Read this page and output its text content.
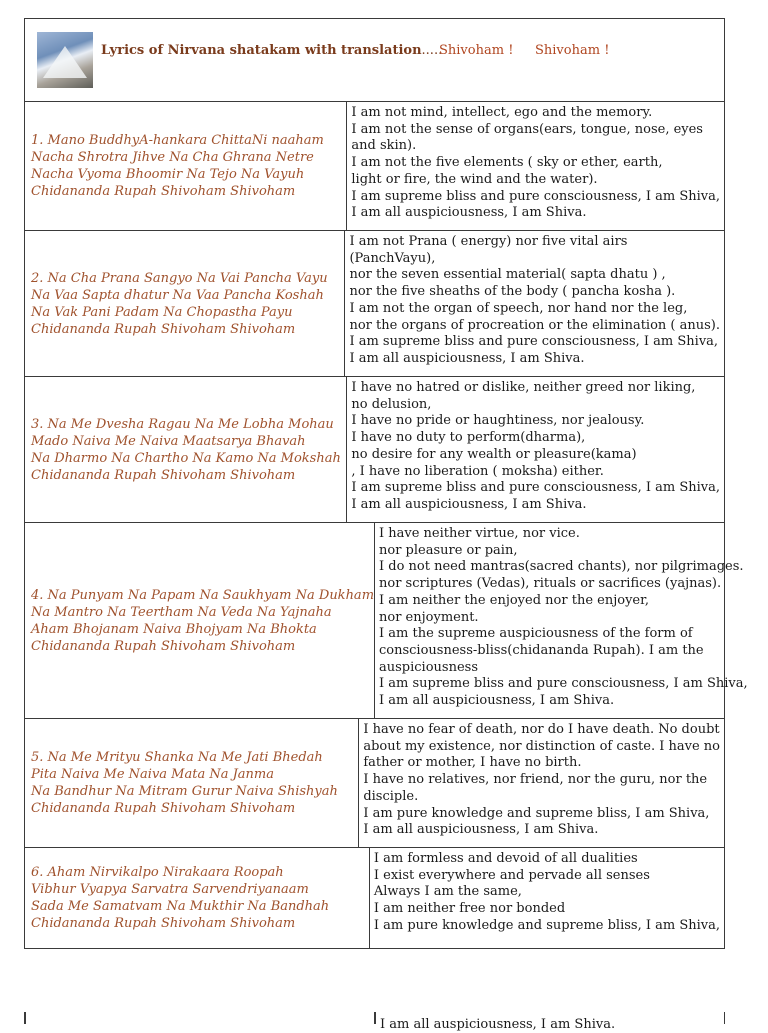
Lyrics of Nirvana shatakam with translation.....
Shivoham ! Shivoham !
1. Mano BuddhyA-hankara ChittaNi naaham
Nacha Shrotra Jihve Na Cha Ghrana Netre
Nacha Vyoma Bhoomir Na Tejo Na Vayuh
Chidananda Rupah Shivoham Shivoham
I am not mind, intellect, ego and the memory.
I am not the sense of organs(ears, tongue, nose, eyes
and skin).
I am not the five elements ( sky or ether, earth,
light or fire, the wind and the water).
I am supreme bliss and pure consciousness, I am Shiva,
I am all auspiciousness, I am Shiva.
2. Na Cha Prana Sangyo Na Vai Pancha Vayu
Na Vaa Sapta dhatur Na Vaa Pancha Koshah
Na Vak Pani Padam Na Chopastha Payu
Chidananda Rupah Shivoham Shivoham
I am not Prana ( energy) nor five vital airs
(PanchVayu),
nor the seven essential material( sapta dhatu ) ,
nor the five sheaths of the body ( pancha kosha ).
I am not the organ of speech, nor hand nor the leg,
nor the organs of procreation or the elimination ( anus).
I am supreme bliss and pure consciousness, I am Shiva,
I am all auspiciousness, I am Shiva.
3. Na Me Dvesha Ragau Na Me Lobha Mohau
Mado Naiva Me Naiva Maatsarya Bhavah
Na Dharmo Na Chartho Na Kamo Na Mokshah
Chidananda Rupah Shivoham Shivoham
I have no hatred or dislike, neither greed nor liking,
no delusion,
I have no pride or haughtiness, nor jealousy.
I have no duty to perform(dharma),
no desire for any wealth or pleasure(kama)
, I have no liberation ( moksha) either.
I am supreme bliss and pure consciousness, I am Shiva,
I am all auspiciousness, I am Shiva.
4. Na Punyam Na Papam Na Saukhyam Na Dukham
Na Mantro Na Teertham Na Veda Na Yajnaha
Aham Bhojanam Naiva Bhojyam Na Bhokta
Chidananda Rupah Shivoham Shivoham
I have neither virtue, nor vice.
nor pleasure or pain,
I do not need mantras(sacred chants), nor pilgrimages.
nor scriptures (Vedas), rituals or sacrifices (yajnas).
I am neither the enjoyed nor the enjoyer,
nor enjoyment.
I am the supreme auspiciousness of the form of
consciousness-bliss(chidananda Rupah). I am the
auspiciousness
I am supreme bliss and pure consciousness, I am Shiva,
I am all auspiciousness, I am Shiva.
5. Na Me Mrityu Shanka Na Me Jati Bhedah
Pita Naiva Me Naiva Mata Na Janma
Na Bandhur Na Mitram Gurur Naiva Shishyah
Chidananda Rupah Shivoham Shivoham
I have no fear of death, nor do I have death. No doubt
about my existence, nor distinction of caste. I have no
father or mother, I have no birth.
I have no relatives, nor friend, nor the guru, nor the
disciple.
I am pure knowledge and supreme bliss, I am Shiva,
I am all auspiciousness, I am Shiva.
6. Aham Nirvikalpo Nirakaara Roopah
Vibhur Vyapya Sarvatra Sarvendriyanaam
Sada Me Samatvam Na Mukthir Na Bandhah
Chidananda Rupah Shivoham Shivoham
I am formless and devoid of all dualities
I exist everywhere and pervade all senses
Always I am the same,
I am neither free nor bonded
I am pure knowledge and supreme bliss, I am Shiva,
I am all auspiciousness, I am Shiva.
